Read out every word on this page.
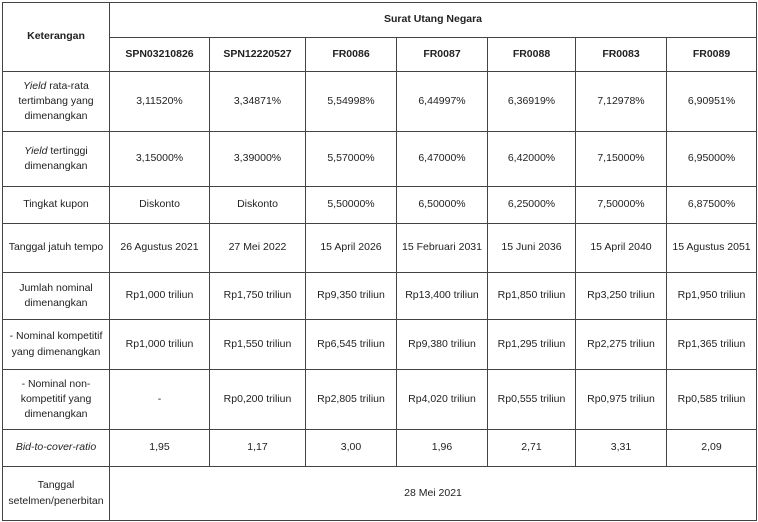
Keterangan	Surat Utang Negara						
	SPN03210826	SPN12220527	FR0086	FR0087	FR0088	FR0083	FR0089
Yield rata-rata tertimbang yang dimenangkan	3,11520%	3,34871%	5,54998%	6,44997%	6,36919%	7,12978%	6,90951%
Yield tertinggi dimenangkan	3,15000%	3,39000%	5,57000%	6,47000%	6,42000%	7,15000%	6,95000%
Tingkat kupon	Diskonto	Diskonto	5,50000%	6,50000%	6,25000%	7,50000%	6,87500%
Tanggal jatuh tempo	26 Agustus 2021	27 Mei 2022	15 April 2026	15 Februari 2031	15 Juni 2036	15 April 2040	15 Agustus 2051
Jumlah nominal dimenangkan	Rp1,000 triliun	Rp1,750 triliun	Rp9,350 triliun	Rp13,400 triliun	Rp1,850 triliun	Rp3,250 triliun	Rp1,950 triliun
- Nominal kompetitif yang dimenangkan	Rp1,000 triliun	Rp1,550 triliun	Rp6,545 triliun	Rp9,380 triliun	Rp1,295 triliun	Rp2,275 triliun	Rp1,365 triliun
- Nominal non-kompetitif yang dimenangkan	-	Rp0,200 triliun	Rp2,805 triliun	Rp4,020 triliun	Rp0,555 triliun	Rp0,975 triliun	Rp0,585 triliun
Bid-to-cover-ratio	1,95	1,17	3,00	1,96	2,71	3,31	2,09
Tanggal setelmen/penerbitan	28 Mei 2021						
